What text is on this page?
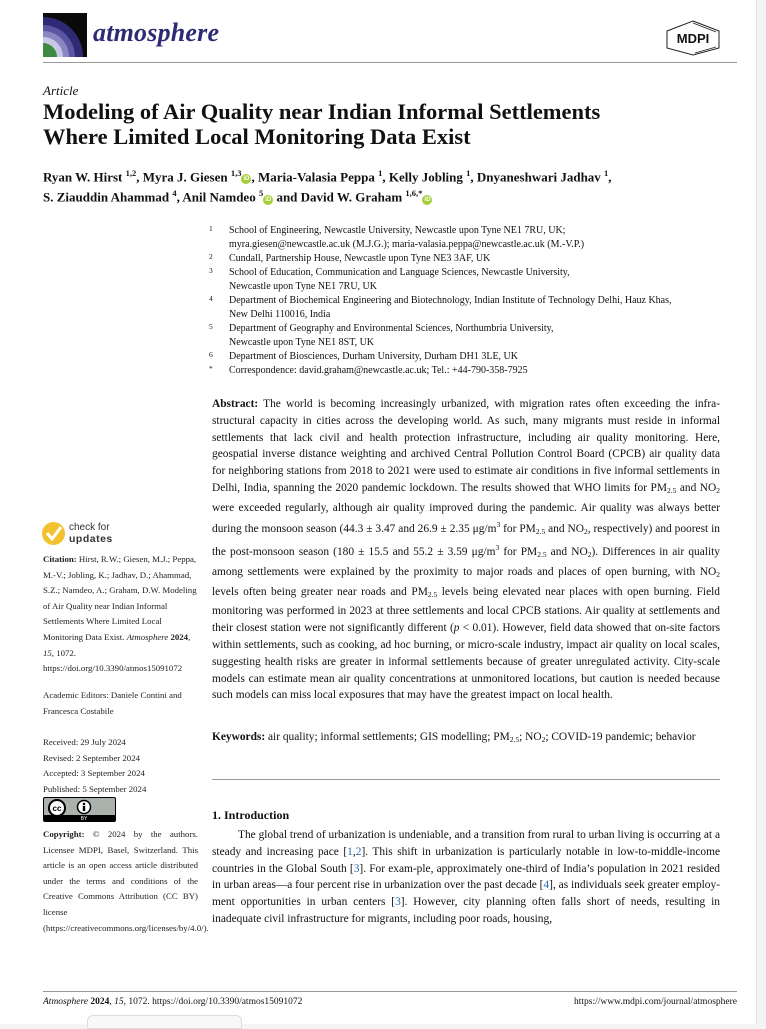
atmosphere	MDPI
Article
Modeling of Air Quality near Indian Informal Settlements
Where Limited Local Monitoring Data Exist
Ryan W. Hirst $^{1,2}$, Myra J. Giesen $^{1,3}$iD , Maria-Valasia Peppa $^1$, Kelly Jobling $^1$, Dnyaneshwari Jadhav $^1$,
S. Ziauddin Ahammad $^4$, Anil Namdeo $^5$iD and David W. Graham $^{1,6,*}$iD
1 School of Engineering, Newcastle University, Newcastle upon Tyne NE1 7RU, UK;
myra.giesen@newcastle.ac.uk (M.J.G.); maria-valasia.peppa@newcastle.ac.uk (M.-V.P.)
2 Cundall, Partnership House, Newcastle upon Tyne NE3 3AF, UK
3 School of Education, Communication and Language Sciences, Newcastle University,
Newcastle upon Tyne NE1 7RU, UK
4 Department of Biochemical Engineering and Biotechnology, Indian Institute of Technology Delhi, Hauz Khas,
New Delhi 110016, India
5 Department of Geography and Environmental Sciences, Northumbria University,
Newcastle upon Tyne NE1 8ST, UK
6 Department of Biosciences, Durham University, Durham DH1 3LE, UK
* Correspondence: david.graham@newcastle.ac.uk; Tel.: +44-790-358-7925
Abstract: The world is becoming increasingly urbanized, with migration rates often exceeding the infra-structural capacity in cities across the developing world. As such, many migrants must reside in informal settlements that lack civil and health protection infrastructure, including air quality monitoring. Here, geospatial inverse distance weighting and archived Central Pollution Control Board (CPCB) air quality data for neighboring stations from 2018 to 2021 were used to estimate air conditions in five informal settlements in Delhi, India, spanning the 2020 pandemic lockdown. The results showed that WHO limits for $PM_{2.5}$ and $NO_2$ were exceeded regularly, although air quality improved during the pandemic. Air quality was always better during the monsoon season (44.3 ± 3.47 and 26.9 ± 2.35 $\mu g/m^3$ for $PM_{2.5}$ and $NO_2$, respectively) and poorest in the post-monsoon season (180 ± 15.5 and 55.2 ± 3.59 $\mu g/m^3$ for $PM_{2.5}$ and $NO_2$). Differences in air quality among settlements were explained by the proximity to major roads and places of open burning, with $NO_2$ levels often being greater near roads and $PM_{2.5}$ levels being elevated near places with open burning. Field monitoring was performed in 2023 at three settlements and local CPCB stations. Air quality at settlements and their closest station were not significantly different (p < 0.01). However, field data showed that on-site factors within settlements, such as cooking, ad hoc burning, or micro-scale industry, impact air quality on local scales, suggesting health risks are greater in informal settlements because of greater unregulated activity. City-scale models can estimate mean air quality concentrations at unmonitored locations, but caution is needed because such models can miss local exposures that may have the greatest impact on local health.
Keywords: air quality; informal settlements; GIS modelling; $PM_{2.5}$; $NO_2$; COVID-19 pandemic; behavior
1. Introduction
The global trend of urbanization is undeniable, and a transition from rural to urban living is occurring at a steady and increasing pace [1,2]. This shift in urbanization is particularly notable in low-to-middle-income countries in the Global South [3]. For exam-ple, approximately one-third of India’s population in 2021 resided in urban areas—a four percent rise in urbanization over the past decade [4], as individuals seek greater employ-ment opportunities in urban centers [3]. However, city planning often falls short of needs, resulting in inadequate civil infrastructure for migrants, including poor roads, housing,
check for
updates
Citation: Hirst, R.W.; Giesen, M.J.; Peppa, M.-V.; Jobling, K.; Jadhav, D.; Ahammad, S.Z.; Namdeo, A.; Graham, D.W. Modeling of Air Quality near Indian Informal Settlements Where Limited Local Monitoring Data Exist. Atmosphere 2024, 15, 1072. https://doi.org/10.3390/atmos15091072
Academic Editors: Daniele Contini and Francesca Costabile
Received: 29 July 2024
Revised: 2 September 2024
Accepted: 3 September 2024
Published: 5 September 2024
cc
BY
Copyright: © 2024 by the authors. Licensee MDPI, Basel, Switzerland. This article is an open access article distributed under the terms and conditions of the Creative Commons Attribution (CC BY) license (https://creativecommons.org/licenses/by/4.0/).
Atmosphere 2024, 15, 1072. https://doi.org/10.3390/atmos15091072	https://www.mdpi.com/journal/atmosphere
